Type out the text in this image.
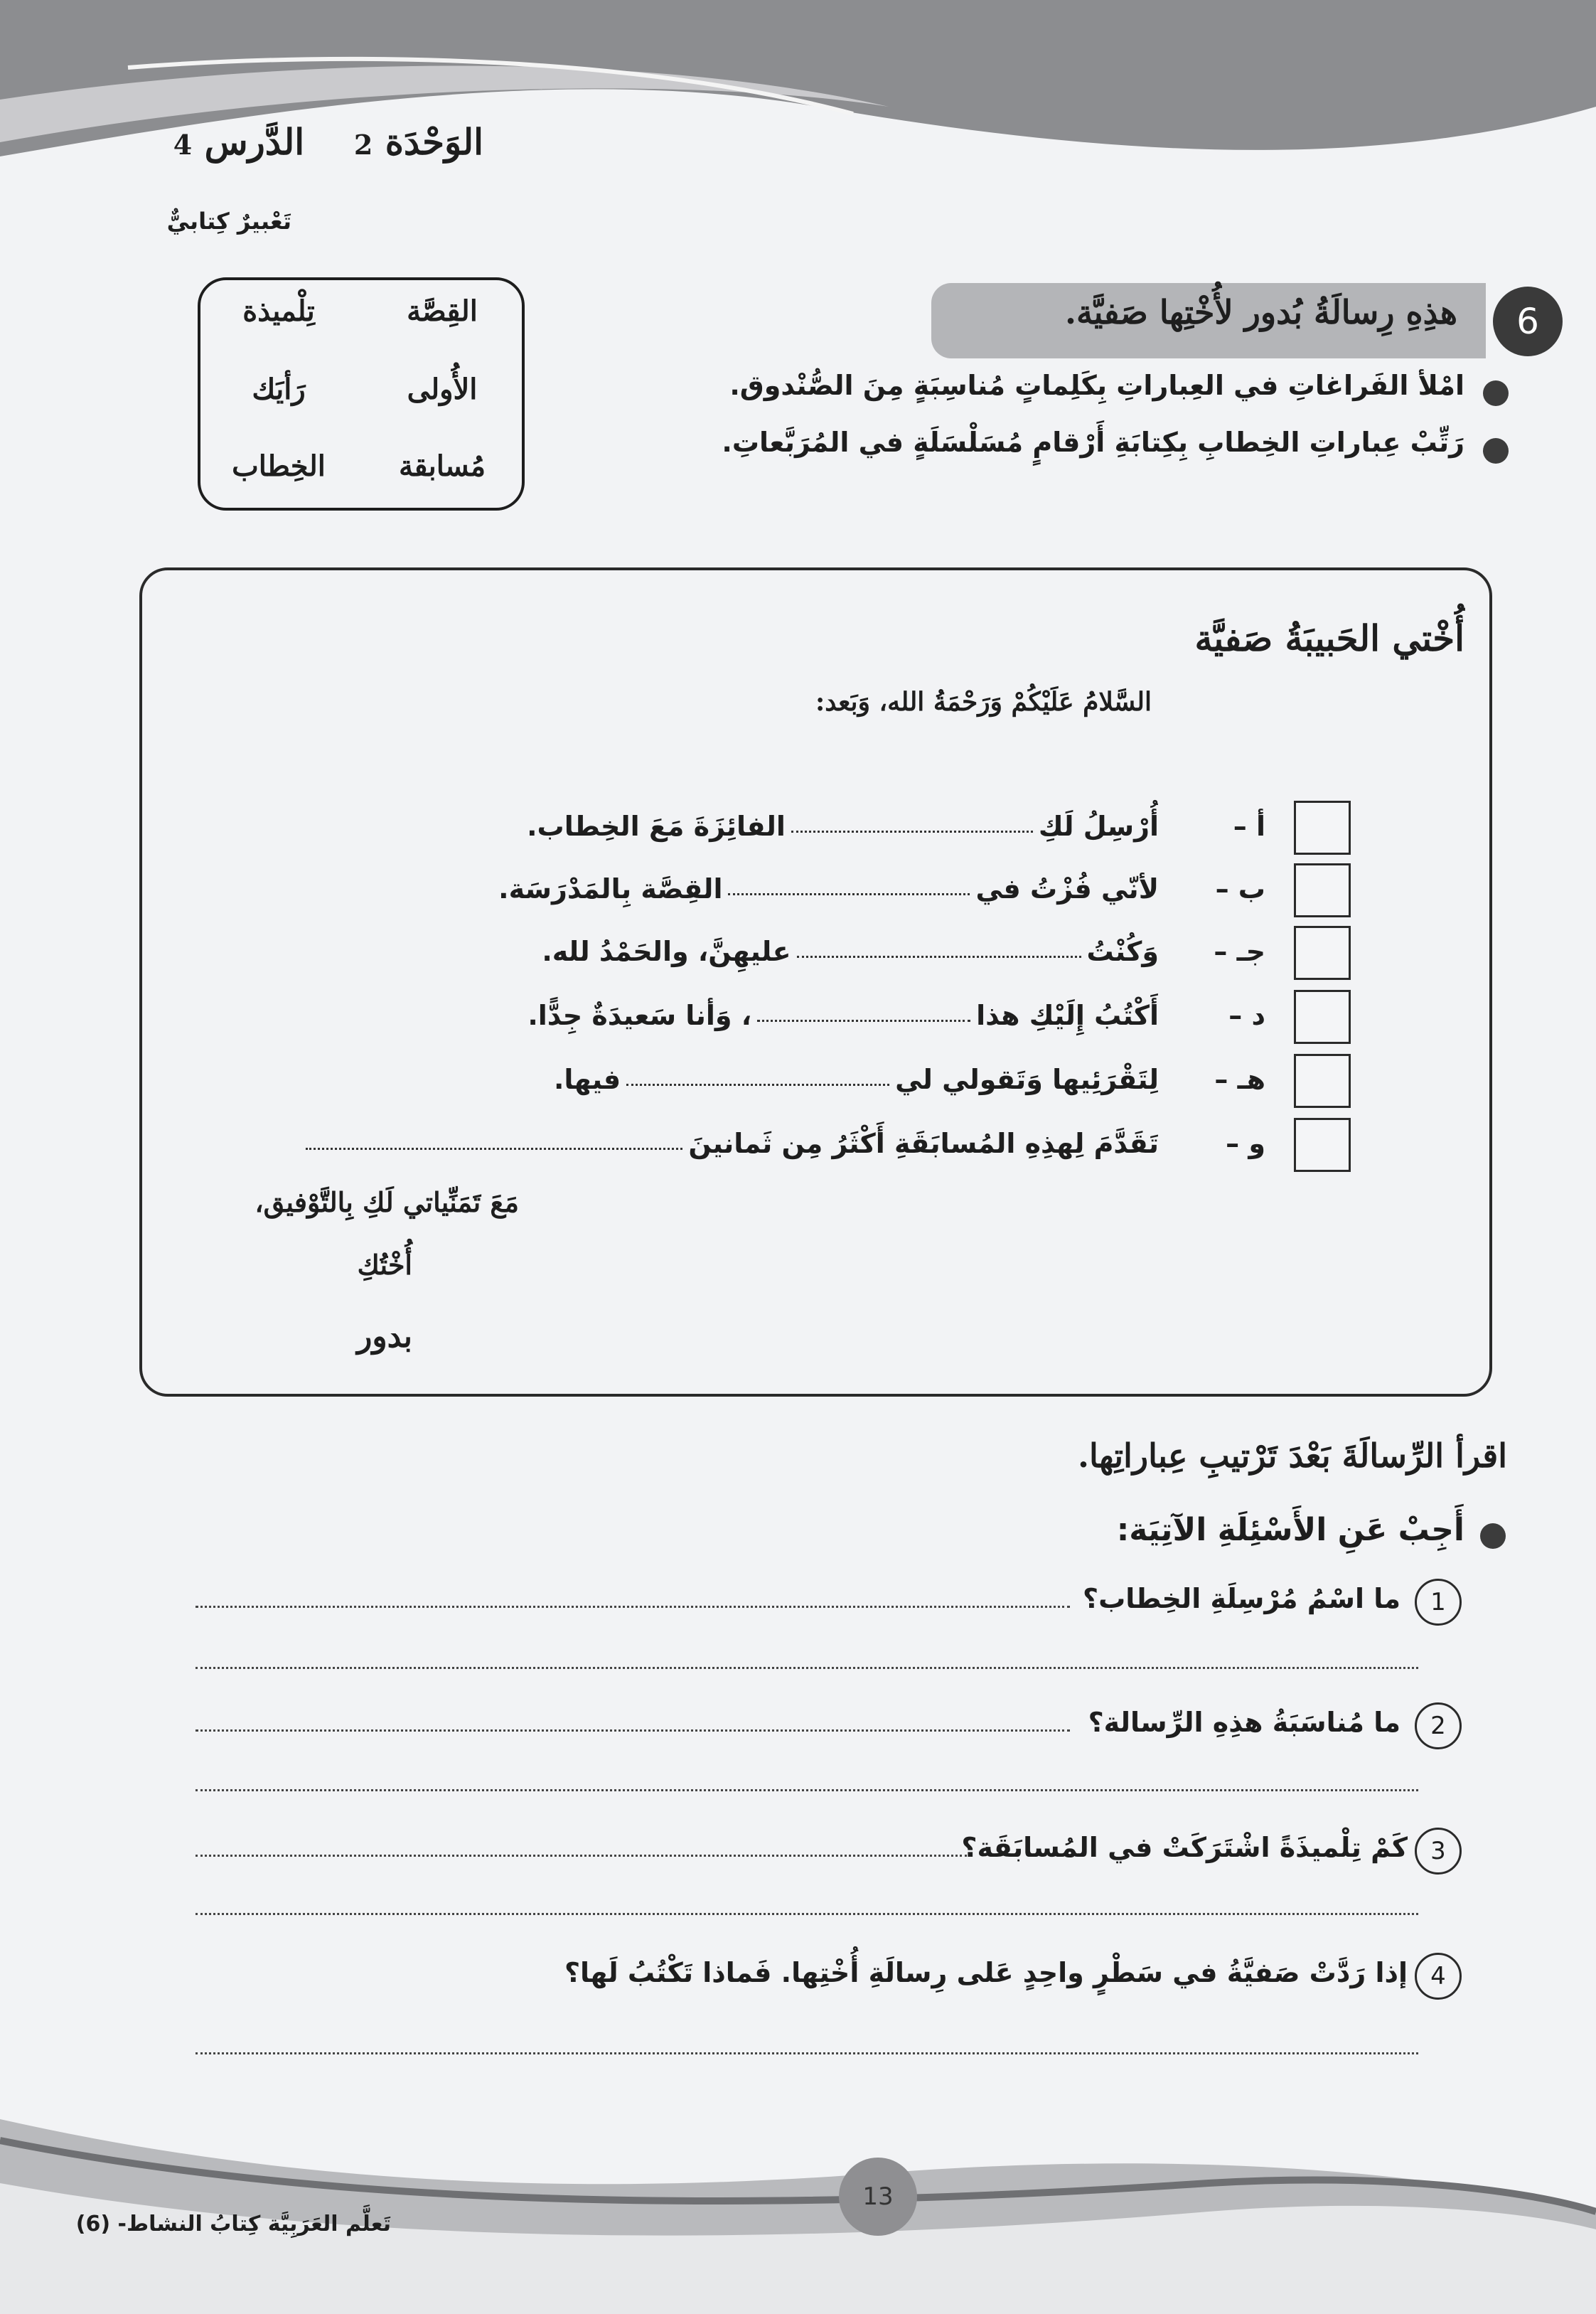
الوَحْدَة 2    الدَّرس 4
تَعْبيرٌ كِتابيٌّ
القِصَّة
تِلْميذة
الأُولى
رَأيَك
مُسابقة
الخِطاب
هذِهِ رِسالَةُ بُدور لأُخْتِها صَفيَّة.	6
امْلأ الفَراغاتِ في العِباراتِ بِكَلِماتٍ مُناسِبَةٍ مِنَ الصُّنْدوق.
رَتِّبْ عِباراتِ الخِطابِ بِكِتابَةِ أَرْقامٍ مُسَلْسَلَةٍ في المُرَبَّعاتِ.
أُخْتي الحَبيبَةُ صَفيَّة
السَّلامُ عَلَيْكُمْ وَرَحْمَةُ الله، وَبَعد:
أ –
أُرْسِلُ لَكِالفائِزَةَ مَعَ الخِطاب.
ب –
لأنّي فُزْتُ فيالقِصَّة بِالمَدْرَسَة.
جـ –
وَكُنْتُعليهِنَّ، والحَمْدُ لله.
د –
أَكْتُبُ إِلَيْكِ هذا، وَأنا سَعيدَةٌ جِدًّا.
هـ –
لِتَقْرَئِيها وَتَقولي ليفيها.
و –
تَقَدَّمَ لِهذِهِ المُسابَقَةِ أَكْثَرُ مِن ثَمانينَ
مَعَ تَمَنِّياتي لَكِ بِالتَّوْفيق،
أُخْتُكِ
بدور
اقرأ الرِّسالَةَ بَعْدَ تَرْتيبِ عِباراتِها.
أَجِبْ عَنِ الأَسْئِلَةِ الآتِيَة:
1
ما اسْمُ مُرْسِلَةِ الخِطاب؟
2
ما مُناسَبَةُ هذِهِ الرِّسالة؟
3
كَمْ تِلْميذَةً اشْتَرَكَتْ في المُسابَقَة؟
4
إذا رَدَّتْ صَفيَّةُ في سَطْرٍ واحِدٍ عَلى رِسالَةِ أُخْتِها. فَماذا تَكْتُبُ لَها؟
13
تَعلَّم العَرَبِيَّة كِتابُ النشاط- (6)
